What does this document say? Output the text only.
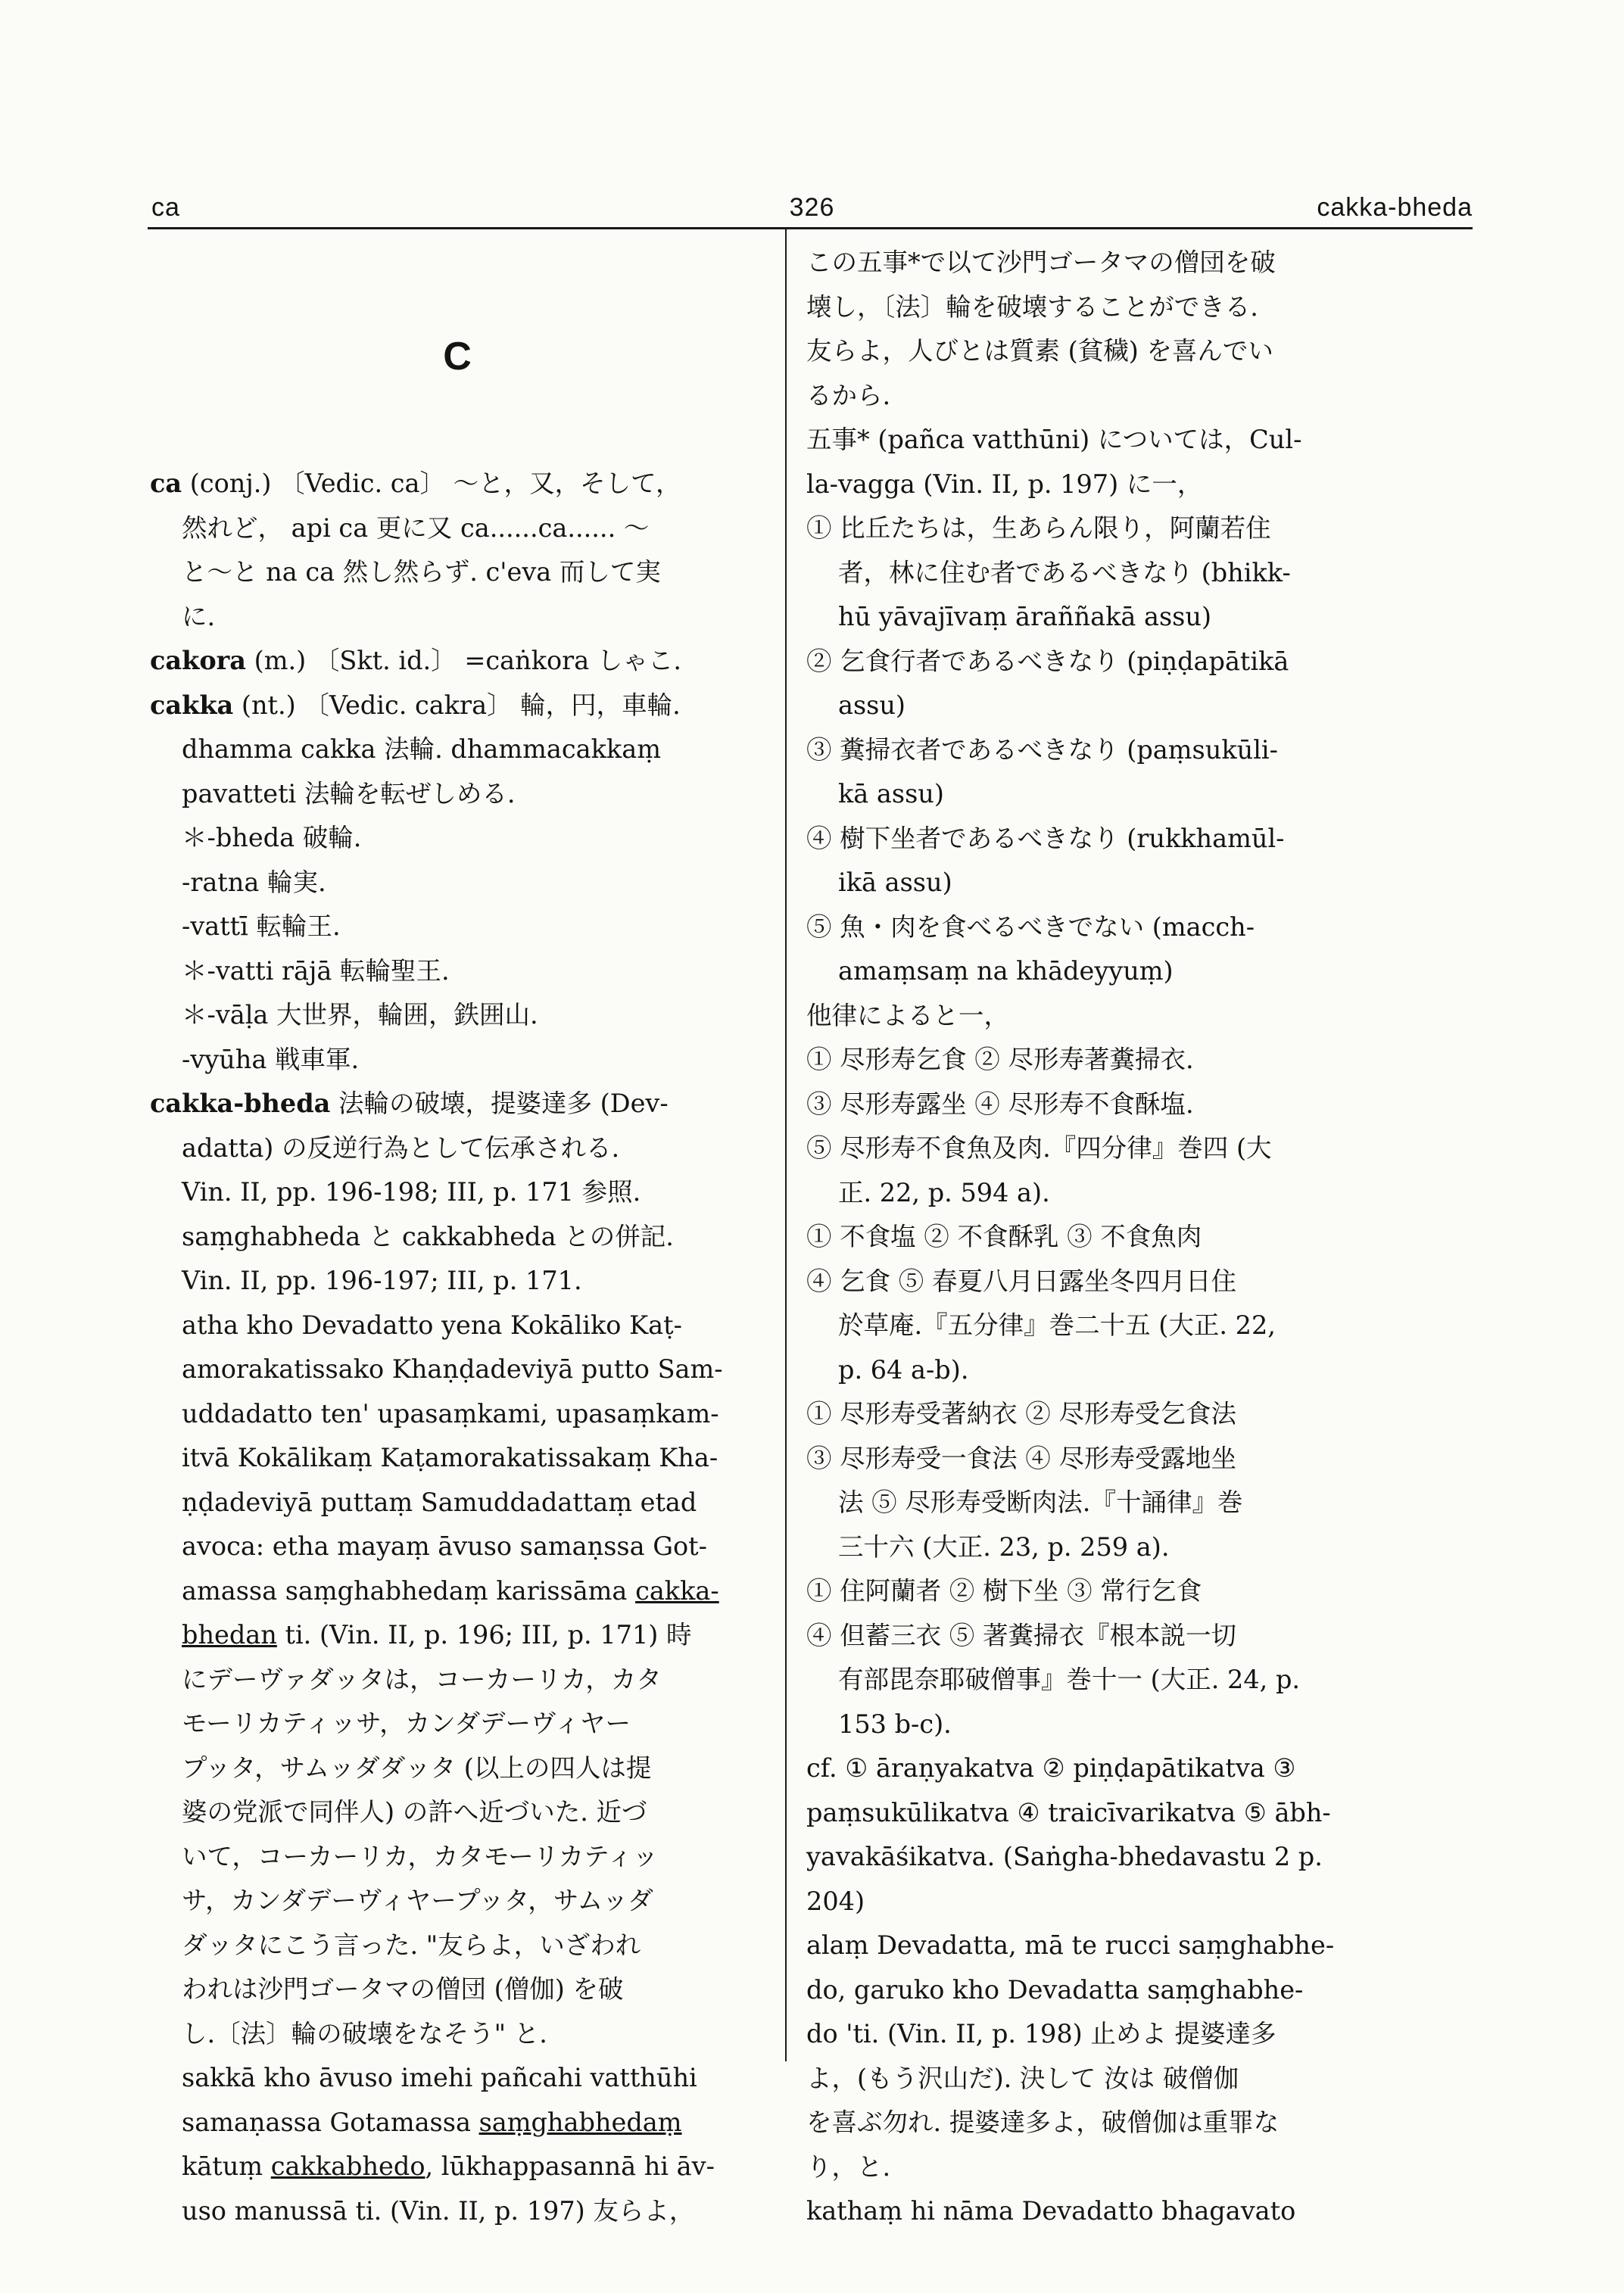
ca	326	cakka-bheda
C

ca (conj.) 〔Vedic. ca〕 〜と，又，そして，

然れど， api ca 更に又 ca......ca...... 〜

と〜と na ca 然し然らず. c'eva 而して実

に.

cakora (m.) 〔Skt. id.〕 =caṅkora しゃこ.

cakka (nt.) 〔Vedic. cakra〕 輪，円，車輪.

dhamma cakka 法輪. dhammacakkaṃ

pavatteti 法輪を転ぜしめる.

＊-bheda 破輪.

-ratna 輪実.

-vattī 転輪王.

＊-vatti rājā 転輪聖王.

＊-vāḷa 大世界，輪囲，鉄囲山.

-vyūha 戦車軍.

cakka-bheda 法輪の破壊，提婆達多 (Dev-

adatta) の反逆行為として伝承される.

Vin. II, pp. 196-198; III, p. 171 参照.

saṃghabheda と cakkabheda との併記.

Vin. II, pp. 196-197; III, p. 171.

atha kho Devadatto yena Kokāliko Kaṭ-

amorakatissako Khaṇḍadeviyā putto Sam-

uddadatto ten' upasaṃkami, upasaṃkam-

itvā Kokālikaṃ Kaṭamorakatissakaṃ Kha-

ṇḍadeviyā puttaṃ Samuddadattaṃ etad

avoca: etha mayaṃ āvuso samaṇssa Got-

amassa saṃghabhedaṃ karissāma cakka-

bhedan ti. (Vin. II, p. 196; III, p. 171) 時

にデーヴァダッタは，コーカーリカ，カタ

モーリカティッサ，カンダデーヴィヤー

プッタ，サムッダダッタ (以上の四人は提

婆の党派で同伴人) の許へ近づいた. 近づ

いて，コーカーリカ，カタモーリカティッ

サ，カンダデーヴィヤープッタ，サムッダ

ダッタにこう言った. "友らよ，いざわれ

われは沙門ゴータマの僧団 (僧伽) を破

し.〔法〕輪の破壊をなそう" と.

sakkā kho āvuso imehi pañcahi vatthūhi

samaṇassa Gotamassa saṃghabhedaṃ

kātuṃ cakkabhedo, lūkhappasannā hi āv-

uso manussā ti. (Vin. II, p. 197) 友らよ，

この五事*で以て沙門ゴータマの僧団を破

壊し，〔法〕輪を破壊することができる.

友らよ，人びとは質素 (貧穢) を喜んでい

るから.

五事* (pañca vatthūni) については，Cul-

la-vagga (Vin. II, p. 197) に一，

① 比丘たちは，生あらん限り，阿蘭若住

者，林に住む者であるべきなり (bhikk-

hū yāvajīvaṃ āraññakā assu)

② 乞食行者であるべきなり (piṇḍapātikā

assu)

③ 糞掃衣者であるべきなり (paṃsukūli-

kā assu)

④ 樹下坐者であるべきなり (rukkhamūl-

ikā assu)

⑤ 魚・肉を食べるべきでない (macch-

amaṃsaṃ na khādeyyuṃ)

他律によると一，

① 尽形寿乞食 ② 尽形寿著糞掃衣.

③ 尽形寿露坐 ④ 尽形寿不食酥塩.

⑤ 尽形寿不食魚及肉.『四分律』巻四 (大

正. 22, p. 594 a).

① 不食塩 ② 不食酥乳 ③ 不食魚肉

④ 乞食 ⑤ 春夏八月日露坐冬四月日住

於草庵.『五分律』巻二十五 (大正. 22,

p. 64 a-b).

① 尽形寿受著納衣 ② 尽形寿受乞食法

③ 尽形寿受一食法 ④ 尽形寿受露地坐

法 ⑤ 尽形寿受断肉法.『十誦律』巻

三十六 (大正. 23, p. 259 a).

① 住阿蘭者 ② 樹下坐 ③ 常行乞食

④ 但蓄三衣 ⑤ 著糞掃衣『根本説一切

有部毘奈耶破僧事』巻十一 (大正. 24, p.

153 b-c).

cf. ① āraṇyakatva ② piṇḍapātikatva ③

paṃsukūlikatva ④ traicīvarikatva ⑤ ābh-

yavakāśikatva. (Saṅgha-bhedavastu 2 p.

204)

alaṃ Devadatta, mā te rucci saṃghabhe-

do, garuko kho Devadatta saṃghabhe-

do 'ti. (Vin. II, p. 198) 止めよ 提婆達多

よ，(もう沢山だ). 決して 汝は 破僧伽

を喜ぶ勿れ. 提婆達多よ，破僧伽は重罪な

り，と.

kathaṃ hi nāma Devadatto bhagavato
